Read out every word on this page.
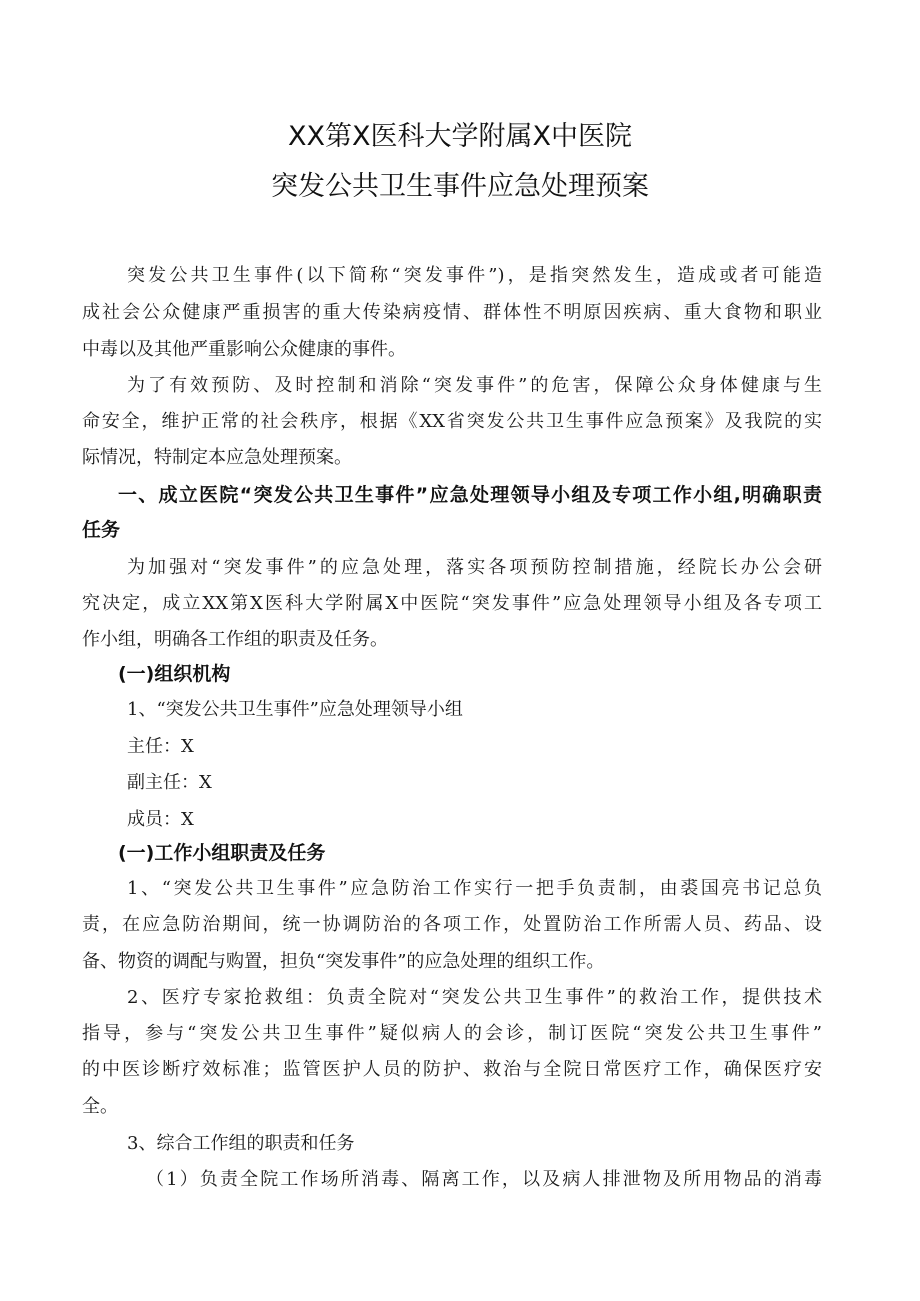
XX第X医科大学附属X中医院
突发公共卫生事件应急处理预案
突发公共卫生事件(以下简称“突发事件”)，是指突然发生，造成或者可能造
成社会公众健康严重损害的重大传染病疫情、群体性不明原因疾病、重大食物和职业
中毒以及其他严重影响公众健康的事件。
为了有效预防、及时控制和消除“突发事件”的危害，保障公众身体健康与生
命安全，维护正常的社会秩序，根据《XX省突发公共卫生事件应急预案》及我院的实
际情况，特制定本应急处理预案。
一、成立医院“突发公共卫生事件”应急处理领导小组及专项工作小组,明确职责
任务
为加强对“突发事件”的应急处理，落实各项预防控制措施，经院长办公会研
究决定，成立XX第X医科大学附属X中医院“突发事件”应急处理领导小组及各专项工
作小组，明确各工作组的职责及任务。
(一)组织机构
1、“突发公共卫生事件”应急处理领导小组
主任：X
副主任：X
成员：X
(一)工作小组职责及任务
1、“突发公共卫生事件”应急防治工作实行一把手负责制，由裘国亮书记总负
责，在应急防治期间，统一协调防治的各项工作，处置防治工作所需人员、药品、设
备、物资的调配与购置，担负“突发事件”的应急处理的组织工作。
2、医疗专家抢救组：负责全院对“突发公共卫生事件”的救治工作，提供技术
指导，参与“突发公共卫生事件”疑似病人的会诊，制订医院“突发公共卫生事件”
的中医诊断疗效标准；监管医护人员的防护、救治与全院日常医疗工作，确保医疗安
全。
3、综合工作组的职责和任务
（1）负责全院工作场所消毒、隔离工作，以及病人排泄物及所用物品的消毒
